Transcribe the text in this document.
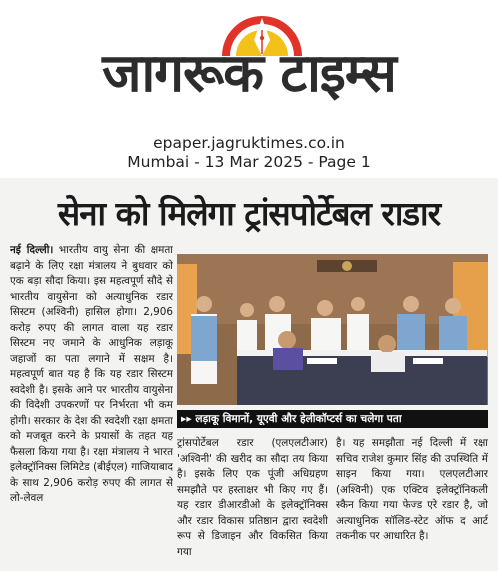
जागरूक टाइम्स
epaper.jagruktimes.co.in
Mumbai - 13 Mar 2025 - Page 1
सेना को मिलेगा ट्रांसपोर्टेबल राडार
नई दिल्ली। भारतीय वायु सेना की क्षमता बढ़ाने के लिए रक्षा मंत्रालय ने बुधवार को एक बड़ा सौदा किया। इस महत्वपूर्ण सौदे से भारतीय वायुसेना को अत्याधुनिक रडार सिस्टम (अश्विनी) हासिल होगा। 2,906 करोड़ रुपए की लागत वाला यह रडार सिस्टम नए जमाने के आधुनिक लड़ाकू जहाजों का पता लगाने में सक्षम है। महत्वपूर्ण बात यह है कि यह रडार सिस्टम स्वदेशी है। इसके आने पर भारतीय वायुसेना की विदेशी उपकरणों पर निर्भरता भी कम होगी। सरकार के देश की स्वदेशी रक्षा क्षमता को मजबूत करने के प्रयासों के तहत यह फैसला किया गया है। रक्षा मंत्रालय ने भारत इलेक्ट्रॉनिक्स लिमिटेड (बीईएल) गाजियाबाद के साथ 2,906 करोड़ रुपए की लागत से लो-लेवल
▸▸ लड़ाकू विमानों, यूएवी और हेलीकॉप्टर्स का चलेगा पता
ट्रांसपोर्टेबल रडार (एलएलटीआर) 'अश्विनी' की खरीद का सौदा तय किया है। इसके लिए एक पूंजी अधिग्रहण समझौते पर हस्ताक्षर भी किए गए हैं। यह रडार डीआरडीओ के इलेक्ट्रॉनिक्स और रडार विकास प्रतिष्ठान द्वारा स्वदेशी रूप से डिजाइन और विकसित किया गया
है। यह समझौता नई दिल्ली में रक्षा सचिव राजेश कुमार सिंह की उपस्थिति में साइन किया गया। एलएलटीआर (अश्विनी) एक एक्टिव इलेक्ट्रॉनिकली स्कैन किया गया फेज्ड एरे रडार है, जो अत्याधुनिक सॉलिड-स्टेट ऑफ द आर्ट तकनीक पर आधारित है।
